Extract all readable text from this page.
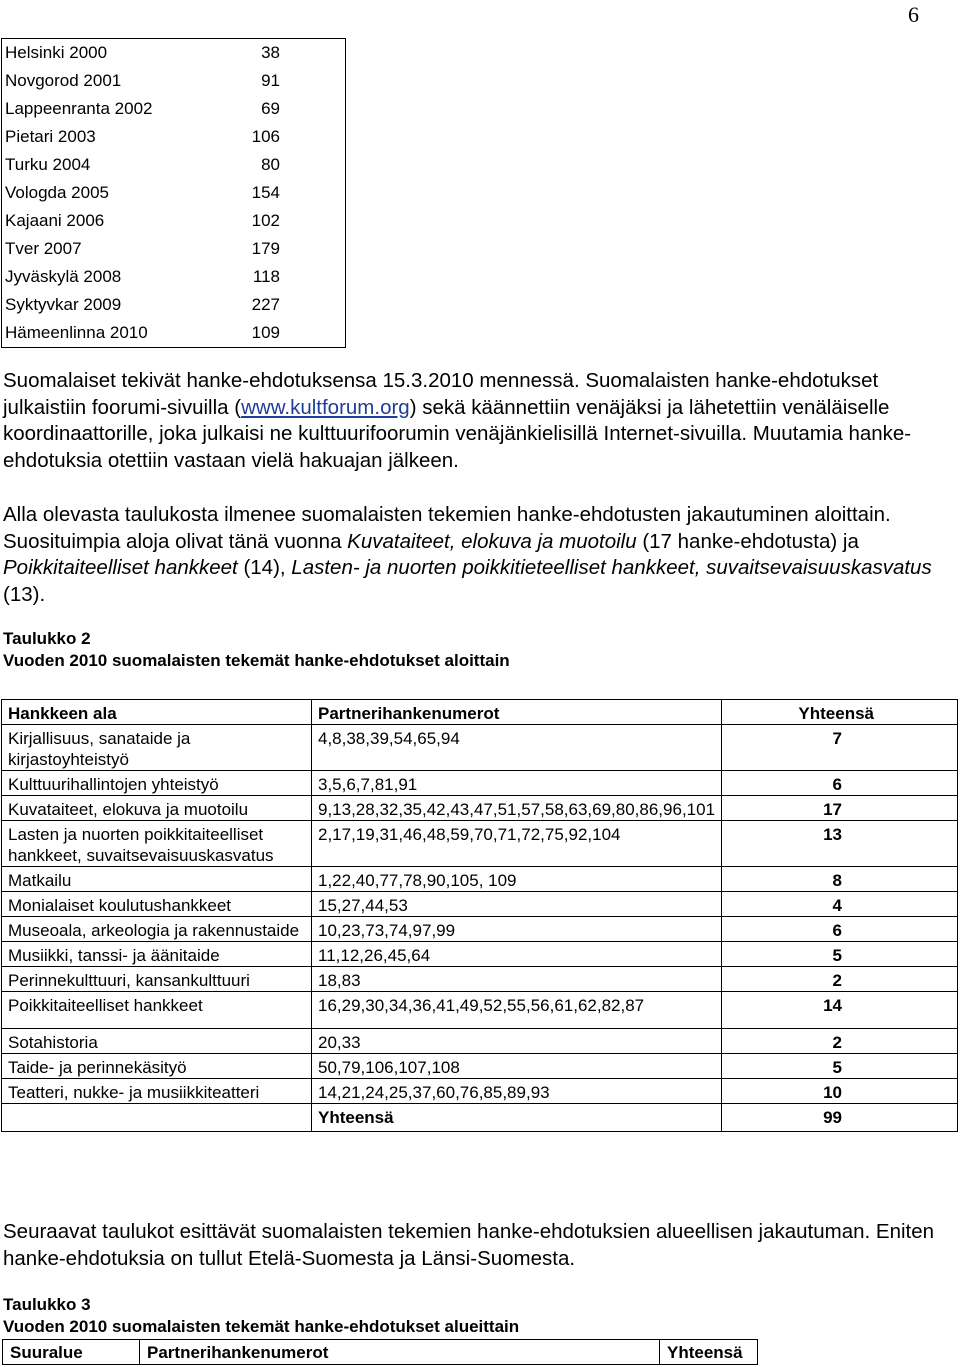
6
Helsinki 2000	38
Novgorod 2001	91
Lappeenranta 2002	69
Pietari 2003	106
Turku 2004	80
Vologda 2005	154
Kajaani 2006	102
Tver 2007	179
Jyväskylä 2008	118
Syktyvkar 2009	227
Hämeenlinna 2010	109

Suomalaiset tekivät hanke-ehdotuksensa 15.3.2010 mennessä. Suomalaisten hanke-ehdotukset julkaistiin foorumi-sivuilla (www.kultforum.org) sekä käännettiin venäjäksi ja lähetettiin venäläiselle koordinaattorille, joka julkaisi ne kulttuurifoorumin venäjänkielisillä Internet-sivuilla. Muutamia hanke-ehdotuksia otettiin vastaan vielä hakuajan jälkeen.

Alla olevasta taulukosta ilmenee suomalaisten tekemien hanke-ehdotusten jakautuminen aloittain. Suosituimpia aloja olivat tänä vuonna Kuvataiteet, elokuva ja muotoilu (17 hanke-ehdotusta) ja Poikkitaiteelliset hankkeet (14), Lasten- ja nuorten poikkitieteelliset hankkeet, suvaitsevaisuuskasvatus (13).

Taulukko 2
Vuoden 2010 suomalaisten tekemät hanke-ehdotukset aloittain
Hankkeen ala	Partnerihankenumerot	Yhteensä
Kirjallisuus, sanataide ja kirjastoyhteistyö	4,8,38,39,54,65,94	7
Kulttuurihallintojen yhteistyö	3,5,6,7,81,91	6
Kuvataiteet, elokuva ja muotoilu	9,13,28,32,35,42,43,47,51,57,58,63,69,80,86,96,101	17
Lasten ja nuorten poikkitaiteelliset hankkeet, suvaitsevaisuuskasvatus	2,17,19,31,46,48,59,70,71,72,75,92,104	13
Matkailu	1,22,40,77,78,90,105, 109	8
Monialaiset koulutushankkeet	15,27,44,53	4
Museoala, arkeologia ja rakennustaide	10,23,73,74,97,99	6
Musiikki, tanssi- ja äänitaide	11,12,26,45,64	5
Perinnekulttuuri, kansankulttuuri	18,83	2
Poikkitaiteelliset hankkeet	16,29,30,34,36,41,49,52,55,56,61,62,82,87	14
Sotahistoria	20,33	2
Taide- ja perinnekäsityö	50,79,106,107,108	5
Teatteri, nukke- ja musiikkiteatteri	14,21,24,25,37,60,76,85,89,93	10
	Yhteensä	99

Seuraavat taulukot esittävät suomalaisten tekemien hanke-ehdotuksien alueellisen jakautuman. Eniten hanke-ehdotuksia on tullut Etelä-Suomesta ja Länsi-Suomesta.

Taulukko 3
Vuoden 2010 suomalaisten tekemät hanke-ehdotukset alueittain
Suuralue	Partnerihankenumerot	Yhteensä
